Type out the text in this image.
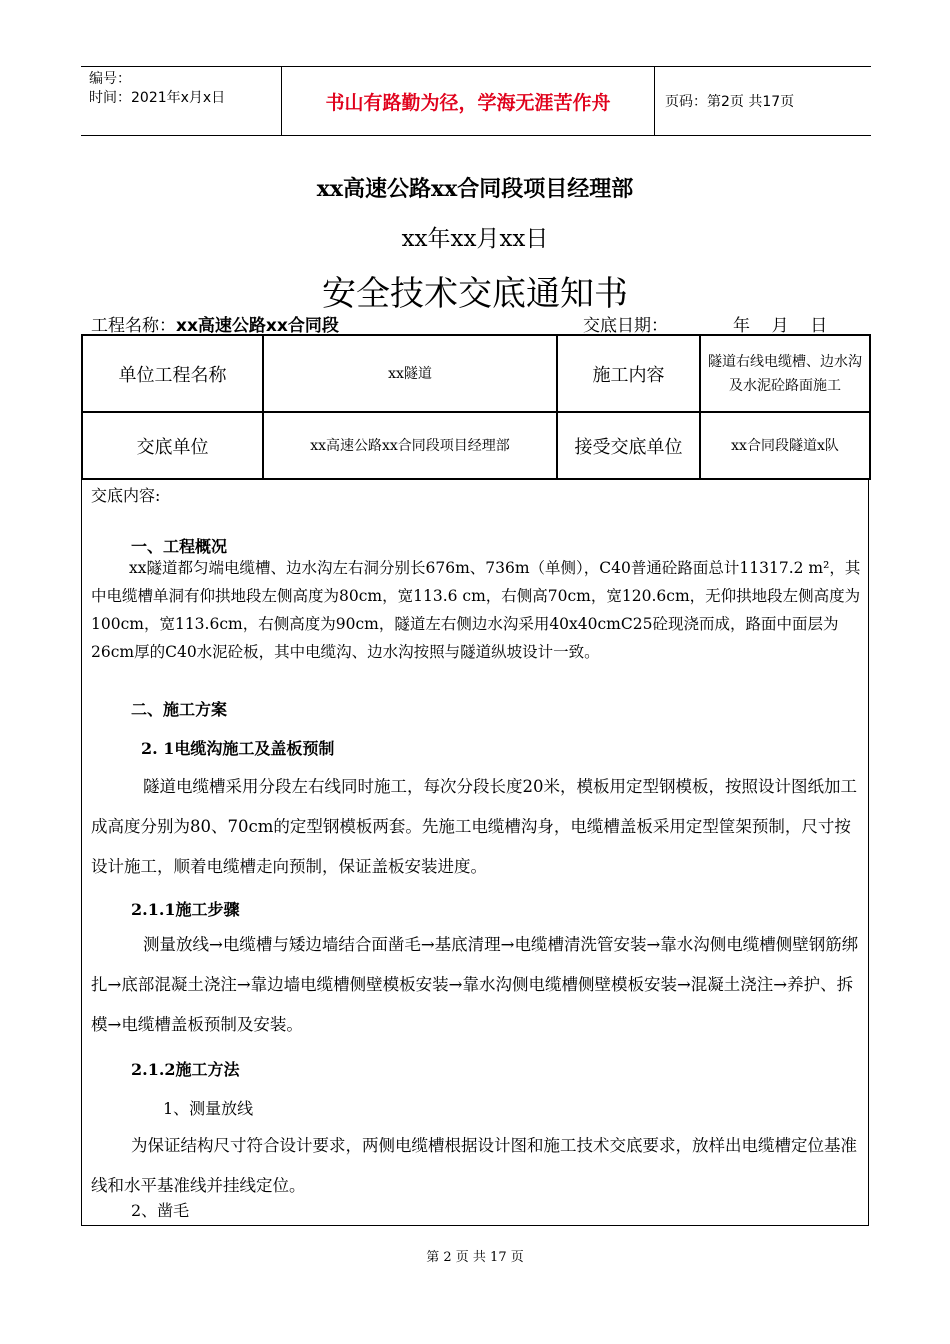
编号：
时间：2021年x月x日	书山有路勤为径，学海无涯苦作舟	页码：第2页 共17页
xx高速公路xx合同段项目经理部
xx年xx月xx日
安全技术交底通知书
工程名称：xx高速公路xx合同段	交底日期：	年    月    日
单位工程名称	xx隧道	施工内容	隧道右线电缆槽、边水沟及水泥砼路面施工
交底单位	xx高速公路xx合同段项目经理部	接受交底单位	xx合同段隧道x队
交底内容:
一、工程概况
xx隧道都匀端电缆槽、边水沟左右洞分别长676m、736m（单侧），C40普通砼路面总计11317.2 m²，其中电缆槽单洞有仰拱地段左侧高度为80cm，宽113.6 cm，右侧高70cm，宽120.6cm，无仰拱地段左侧高度为100cm，宽113.6cm，右侧高度为90cm，隧道左右侧边水沟采用40x40cmC25砼现浇而成，路面中面层为26cm厚的C40水泥砼板，其中电缆沟、边水沟按照与隧道纵坡设计一致。
二、施工方案
2. 1电缆沟施工及盖板预制
隧道电缆槽采用分段左右线同时施工，每次分段长度20米，模板用定型钢模板，按照设计图纸加工成高度分别为80、70cm的定型钢模板两套。先施工电缆槽沟身，电缆槽盖板采用定型筐架预制，尺寸按设计施工，顺着电缆槽走向预制，保证盖板安装进度。
2.1.1施工步骤
测量放线→电缆槽与矮边墙结合面凿毛→基底清理→电缆槽清洗管安装→靠水沟侧电缆槽侧壁钢筋绑扎→底部混凝土浇注→靠边墙电缆槽侧壁模板安装→靠水沟侧电缆槽侧壁模板安装→混凝土浇注→养护、拆模→电缆槽盖板预制及安装。
2.1.2施工方法
1、测量放线
为保证结构尺寸符合设计要求，两侧电缆槽根据设计图和施工技术交底要求，放样出电缆槽定位基准线和水平基准线并挂线定位。
2、凿毛
第 2 页 共 17 页
